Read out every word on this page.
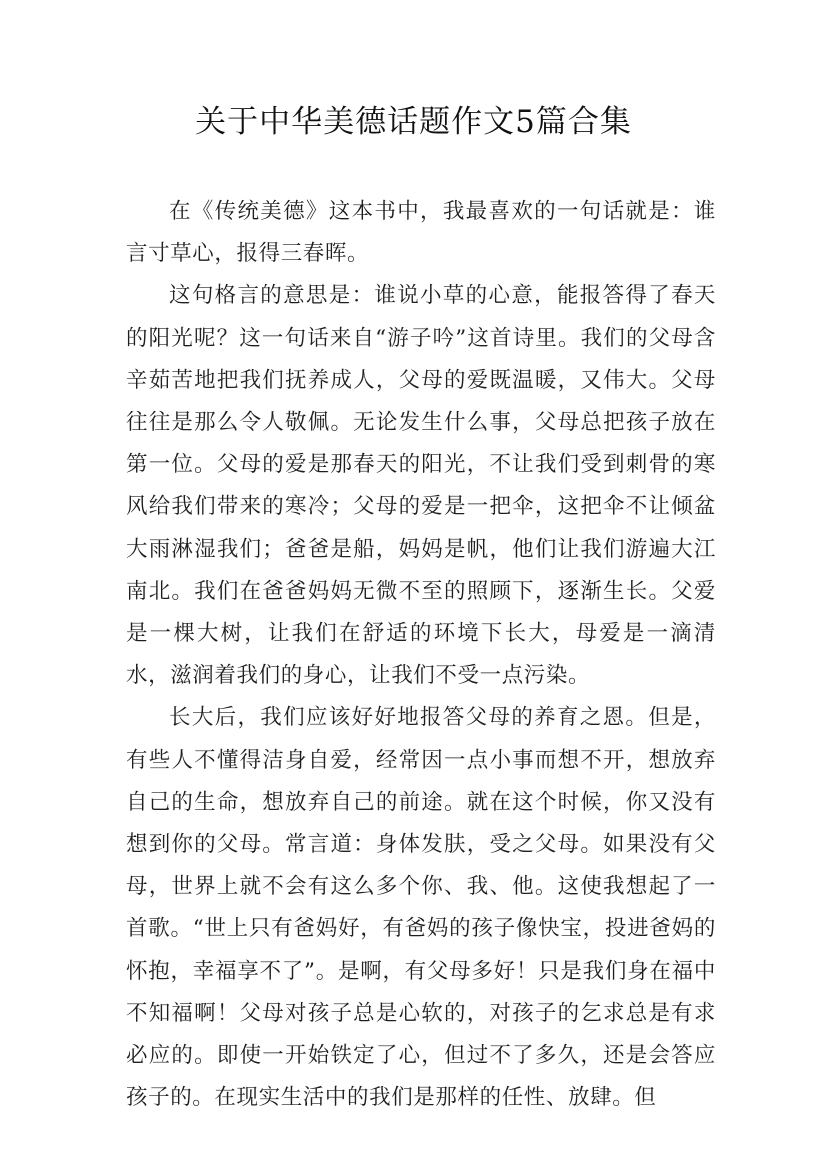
关于中华美德话题作文5篇合集

在《传统美德》这本书中，我最喜欢的一句话就是：谁言寸草心，报得三春晖。

这句格言的意思是：谁说小草的心意，能报答得了春天的阳光呢？这一句话来自“游子吟”这首诗里。我们的父母含辛茹苦地把我们抚养成人，父母的爱既温暖，又伟大。父母往往是那么令人敬佩。无论发生什么事，父母总把孩子放在第一位。父母的爱是那春天的阳光，不让我们受到刺骨的寒风给我们带来的寒冷；父母的爱是一把伞，这把伞不让倾盆大雨淋湿我们；爸爸是船，妈妈是帆，他们让我们游遍大江南北。我们在爸爸妈妈无微不至的照顾下，逐渐生长。父爱是一棵大树，让我们在舒适的环境下长大，母爱是一滴清水，滋润着我们的身心，让我们不受一点污染。

长大后，我们应该好好地报答父母的养育之恩。但是，有些人不懂得洁身自爱，经常因一点小事而想不开，想放弃自己的生命，想放弃自己的前途。就在这个时候，你又没有想到你的父母。常言道：身体发肤，受之父母。如果没有父母，世界上就不会有这么多个你、我、他。这使我想起了一首歌。“世上只有爸妈好，有爸妈的孩子像快宝，投进爸妈的怀抱，幸福享不了”。是啊，有父母多好！只是我们身在福中不知福啊！父母对孩子总是心软的，对孩子的乞求总是有求必应的。即使一开始铁定了心，但过不了多久，还是会答应孩子的。在现实生活中的我们是那样的任性、放肆。但
